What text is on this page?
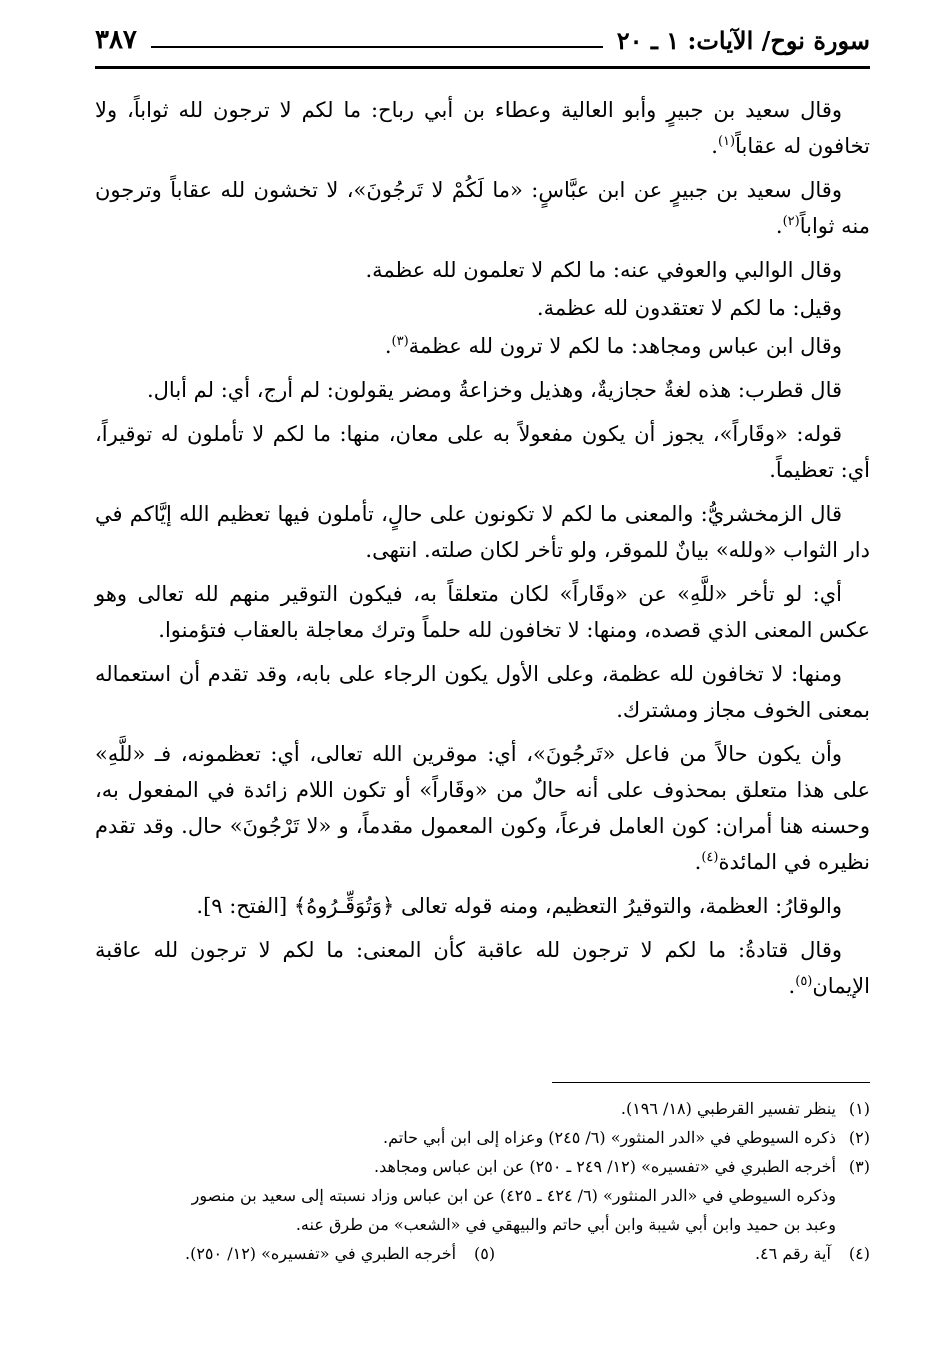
سورة نوح/ الآيات: ١ ـ ٢٠
٣٨٧

وقال سعيد بن جبيرٍ وأبو العالية وعطاء بن أبي رباح: ما لكم لا ترجون لله ثواباً، ولا تخافون له عقاباً$^{(١)}$.

وقال سعيد بن جبيرٍ عن ابن عبَّاسٍ: «ما لَكُمْ لا تَرجُونَ»، لا تخشون لله عقاباً وترجون منه ثواباً$^{(٢)}$.

وقال الوالبي والعوفي عنه: ما لكم لا تعلمون لله عظمة.

وقيل: ما لكم لا تعتقدون لله عظمة.

وقال ابن عباس ومجاهد: ما لكم لا ترون لله عظمة$^{(٣)}$.

قال قطرب: هذه لغةٌ حجازيةٌ، وهذيل وخزاعةُ ومضر يقولون: لم أرج، أي: لم أبال.

قوله: «وقَاراً»، يجوز أن يكون مفعولاً به على معان، منها: ما لكم لا تأملون له توقيراً، أي: تعظيماً.

قال الزمخشريُّ: والمعنى ما لكم لا تكونون على حالٍ، تأملون فيها تعظيم الله إيَّاكم في دار الثواب «ولله» بيانٌ للموقر، ولو تأخر لكان صلته. انتهى.

أي: لو تأخر «للَّهِ» عن «وقَاراً» لكان متعلقاً به، فيكون التوقير منهم لله تعالى وهو عكس المعنى الذي قصده، ومنها: لا تخافون لله حلماً وترك معاجلة بالعقاب فتؤمنوا.

ومنها: لا تخافون لله عظمة، وعلى الأول يكون الرجاء على بابه، وقد تقدم أن استعماله بمعنى الخوف مجاز ومشترك.

وأن يكون حالاً من فاعل «تَرجُونَ»، أي: موقرين الله تعالى، أي: تعظمونه، فـ «للَّهِ» على هذا متعلق بمحذوف على أنه حالٌ من «وقَاراً» أو تكون اللام زائدة في المفعول به، وحسنه هنا أمران: كون العامل فرعاً، وكون المعمول مقدماً، و «لا تَرْجُونَ» حال. وقد تقدم نظيره في المائدة$^{(٤)}$.

والوقارُ: العظمة، والتوقيرُ التعظيم، ومنه قوله تعالى ﴿وَتُوَقِّـرُوهُ﴾ [الفتح: ٩].

وقال قتادةُ: ما لكم لا ترجون لله عاقبة كأن المعنى: ما لكم لا ترجون لله عاقبة الإيمان$^{(٥)}$.

(١)ينظر تفسير القرطبي (١٨/ ١٩٦).

(٢)ذكره السيوطي في «الدر المنثور» (٦/ ٢٤٥) وعزاه إلى ابن أبي حاتم.

(٣)أخرجه الطبري في «تفسيره» (١٢/ ٢٤٩ ـ ٢٥٠) عن ابن عباس ومجاهد.

وذكره السيوطي في «الدر المنثور» (٦/ ٤٢٤ ـ ٤٢٥) عن ابن عباس وزاد نسبته إلى سعيد بن منصور

وعبد بن حميد وابن أبي شيبة وابن أبي حاتم والبيهقي في «الشعب» من طرق عنه.

(٤) آية رقم ٤٦.
(٥) أخرجه الطبري في «تفسيره» (١٢/ ٢٥٠).
